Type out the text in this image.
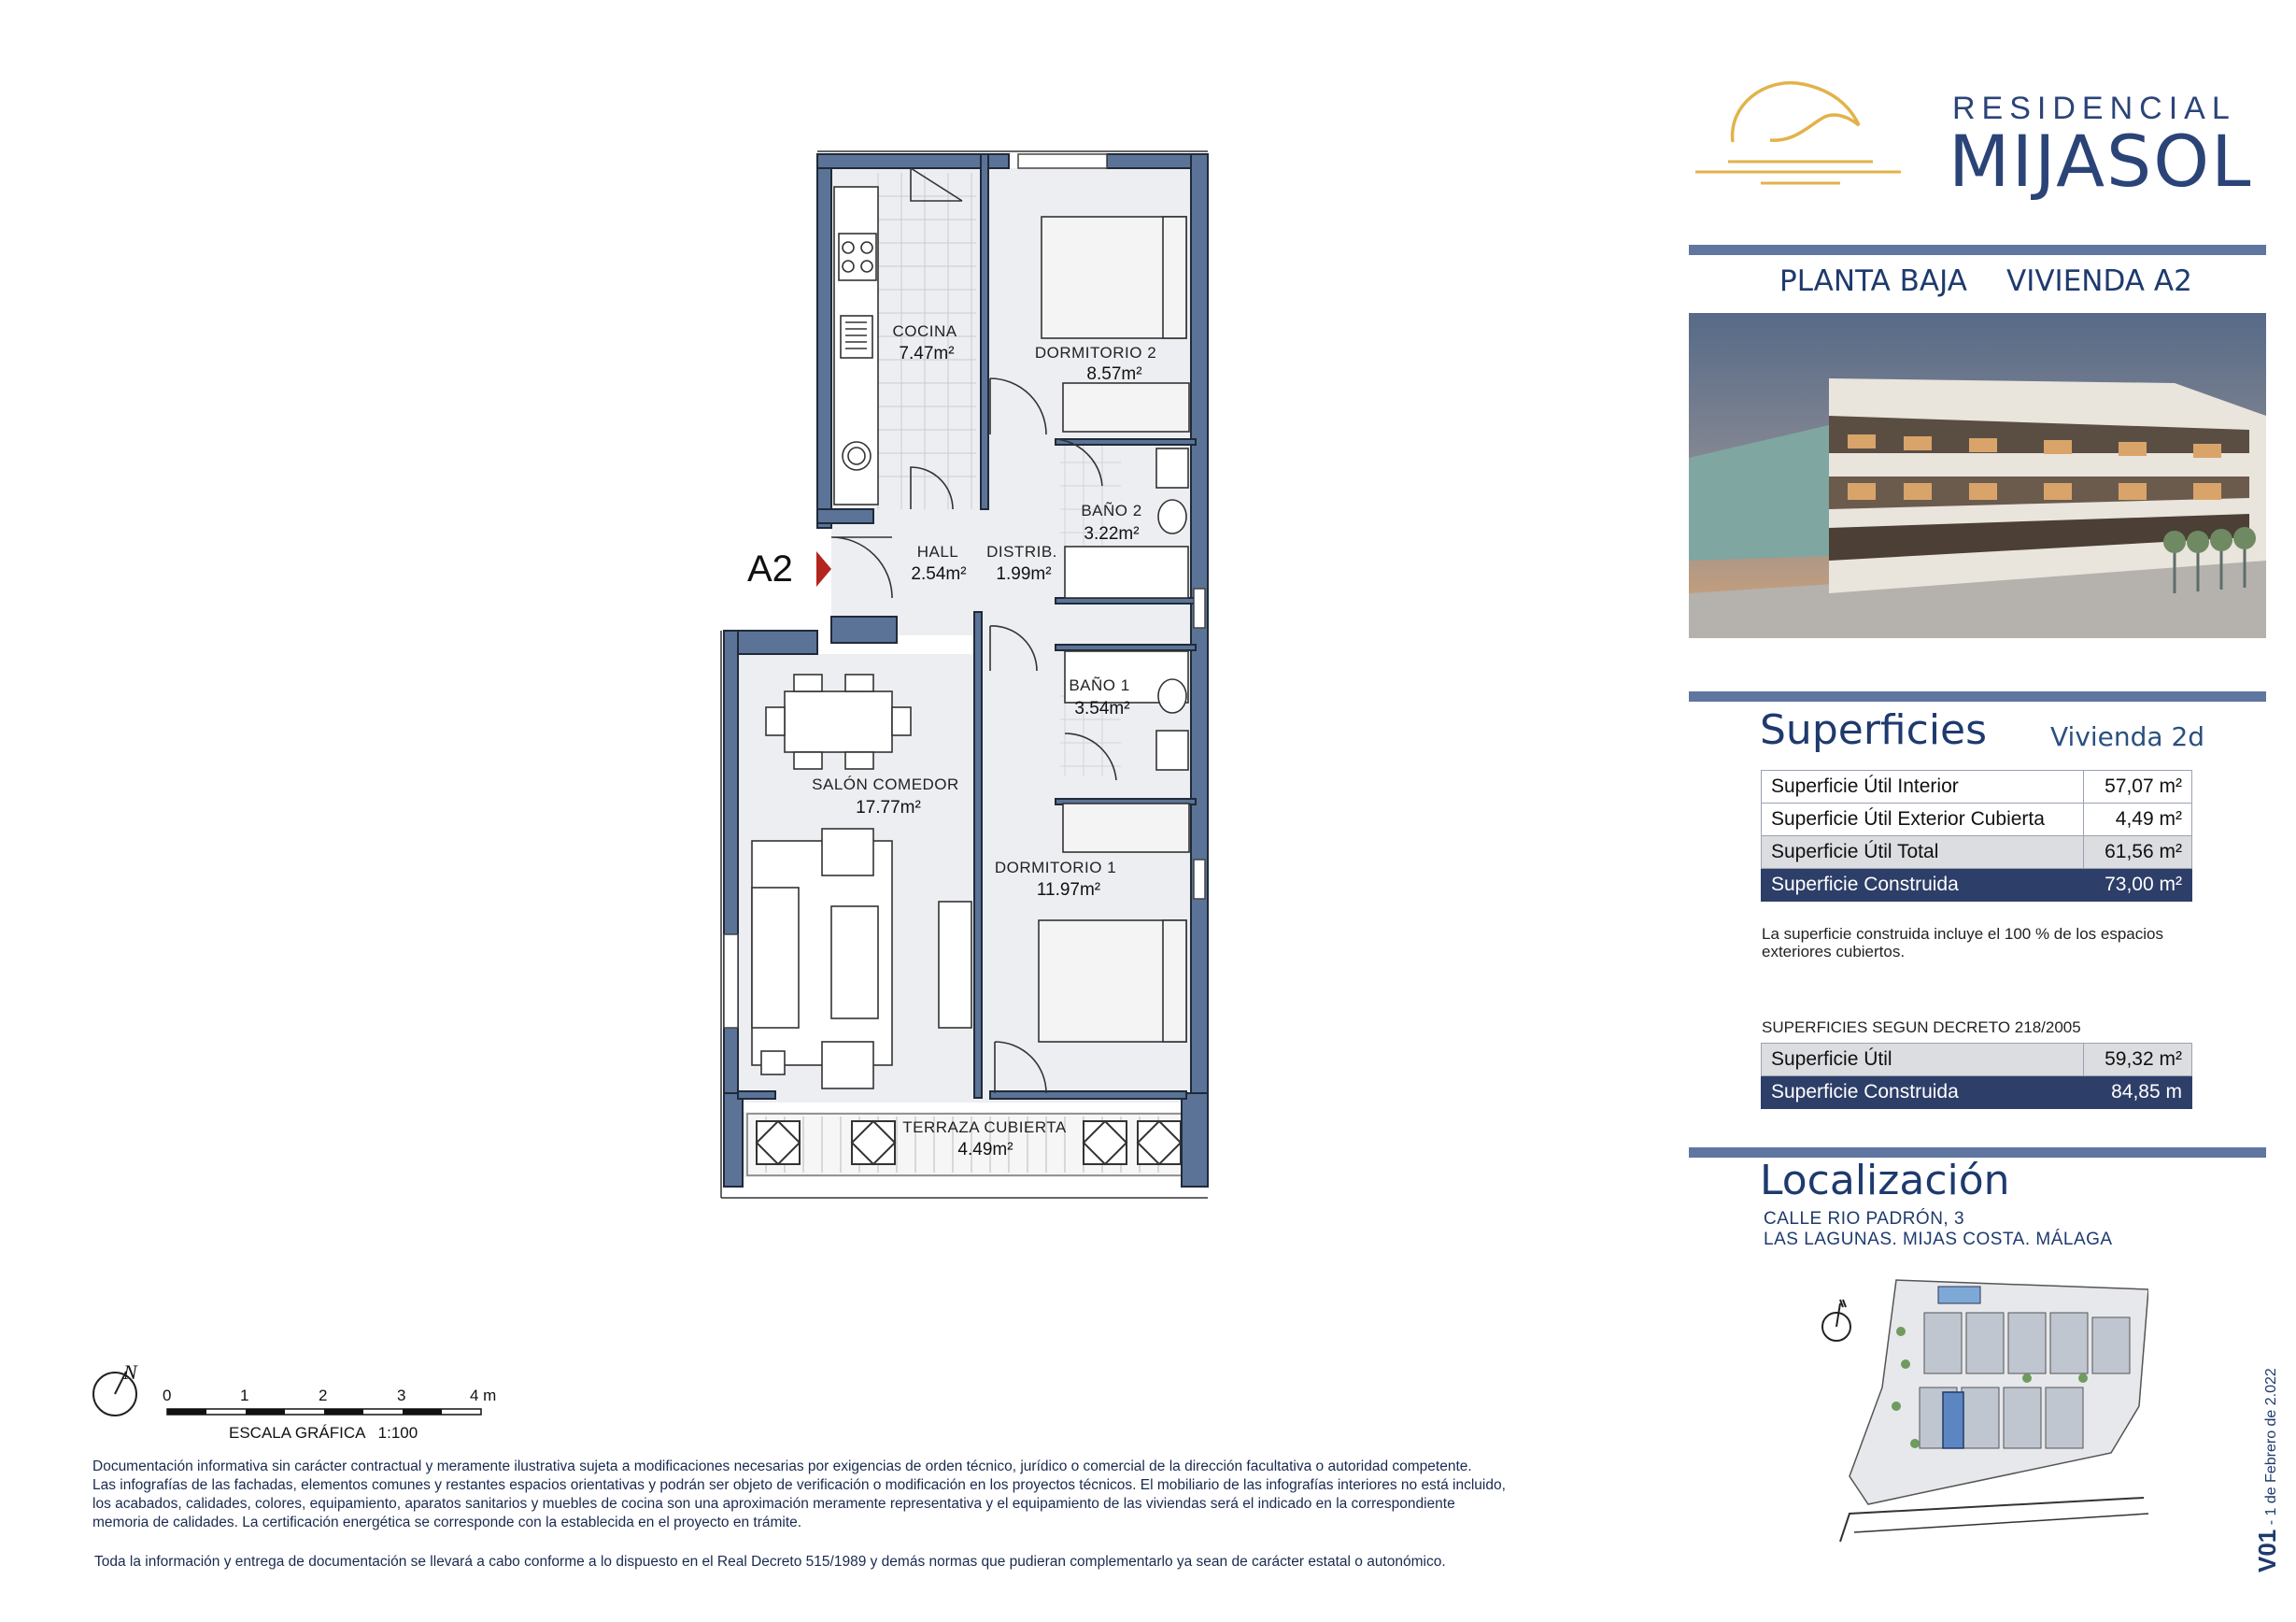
A2
COCINA
7.47m²	DORMITORIO 2
8.57m²
BAÑO 2
3.22m²
HALL
2.54m²
DISTRIB.
1.99m²
BAÑO 1
3.54m²
SALÓN COMEDOR
17.77m²
DORMITORIO 1
11.97m²
TERRAZA CUBIERTA
4.49m²
RESIDENCIAL
MIJASOL
PLANTA BAJA VIVIENDA A2
Superficies Vivienda 2d
Superficie Útil Interior	57,07 m²
Superficie Útil Exterior Cubierta	4,49 m²
Superficie Útil Total	61,56 m²
Superficie Construida	73,00 m²
La superficie construida incluye el 100 % de los espacios
exteriores cubiertos.
SUPERFICIES SEGUN DECRETO 218/2005
Superficie Útil	59,32 m²
Superficie Construida	84,85 m
Localización
CALLE RIO PADRÓN, 3
LAS LAGUNAS. MIJAS COSTA. MÁLAGA
V01 - 1 de Febrero de 2.022
N
0	1	2	3	4 m
ESCALA GRÁFICA   1:100
Documentación informativa sin carácter contractual y meramente ilustrativa sujeta a modificaciones necesarias por exigencias de orden técnico, jurídico o comercial de la dirección facultativa o autoridad competente.
Las infografías de las fachadas, elementos comunes y restantes espacios orientativas y podrán ser objeto de verificación o modificación en los proyectos técnicos. El mobiliario de las infografías interiores no está incluido,
los acabados, calidades, colores, equipamiento, aparatos sanitarios y muebles de cocina son una aproximación meramente representativa y el equipamiento de las viviendas será el indicado en la correspondiente
memoria de calidades. La certificación energética se corresponde con la establecida en el proyecto en trámite.
Toda la información y entrega de documentación se llevará a cabo conforme a lo dispuesto en el Real Decreto 515/1989 y demás normas que pudieran complementarlo ya sean de carácter estatal o autonómico.
